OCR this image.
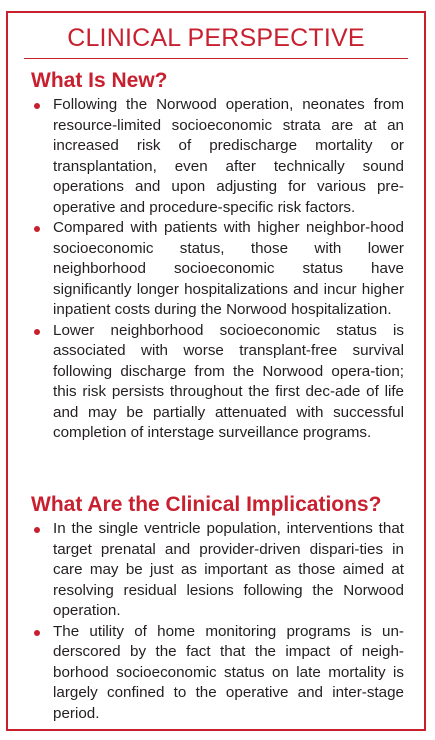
CLINICAL PERSPECTIVE
What Is New?
Following the Norwood operation, neonates from resource-limited socioeconomic strata are at an increased risk of predischarge mortality or transplantation, even after technically sound operations and upon adjusting for various pre-operative and procedure-specific risk factors.
Compared with patients with higher neighbor-hood socioeconomic status, those with lower neighborhood socioeconomic status have significantly longer hospitalizations and incur higher inpatient costs during the Norwood hospitalization.
Lower neighborhood socioeconomic status is associated with worse transplant-free survival following discharge from the Norwood opera-tion; this risk persists throughout the first dec-ade of life and may be partially attenuated with successful completion of interstage surveillance programs.
What Are the Clinical Implications?
In the single ventricle population, interventions that target prenatal and provider-driven dispari-ties in care may be just as important as those aimed at resolving residual lesions following the Norwood operation.
The utility of home monitoring programs is un-derscored by the fact that the impact of neigh-borhood socioeconomic status on late mortality is largely confined to the operative and inter-stage period.
